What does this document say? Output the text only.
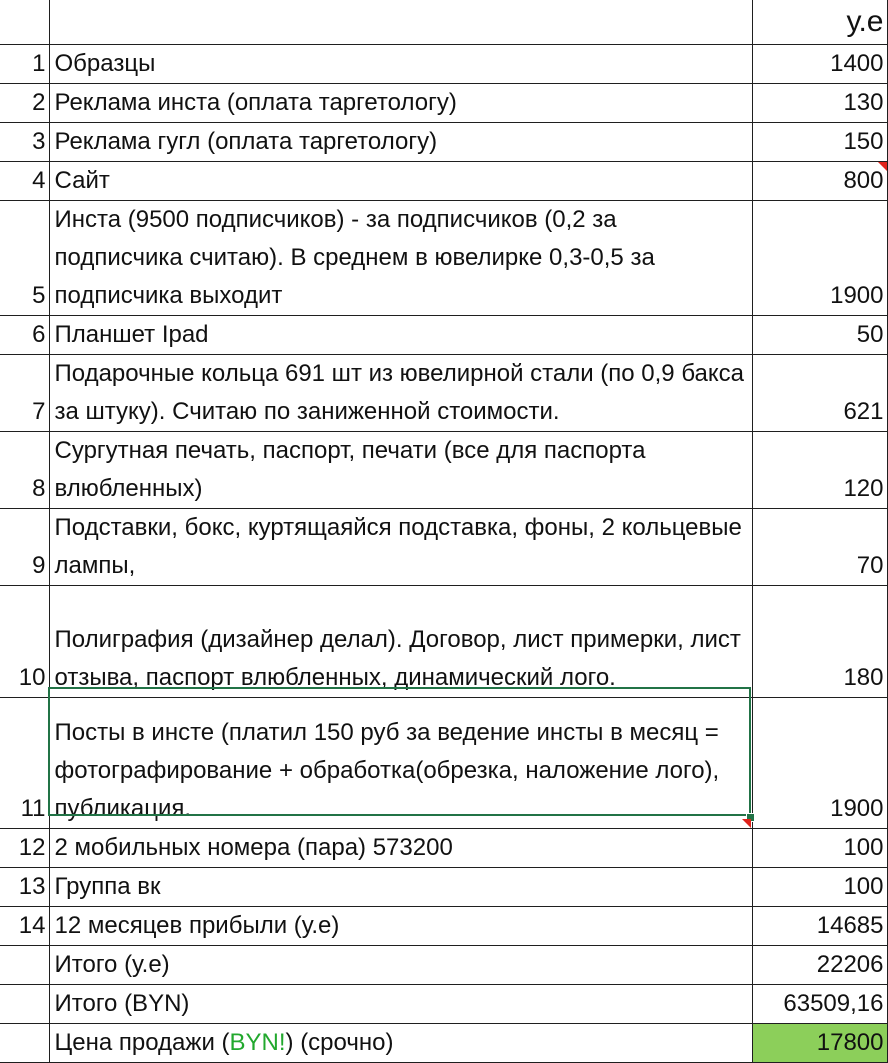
		у.е
1	Образцы	1400
2	Реклама инста (оплата таргетологу)	130
3	Реклама гугл (оплата таргетологу)	150
4	Сайт	800

5	Инста (9500 подписчиков) - за подписчиков (0,2 за подписчика считаю). В среднем в ювелирке 0,3-0,5 за подписчика выходит	1900
6	Планшет Ipad	50
7	Подарочные кольца 691 шт из ювелирной стали (по 0,9 бакса за штуку). Считаю по заниженной стоимости.	621
8	Сургутная печать, паспорт, печати (все для паспорта влюбленных)	120
9	Подставки, бокс, куртящаяйся подставка, фоны, 2 кольцевые лампы,	70
10	Полиграфия (дизайнер делал). Договор, лист примерки, лист отзыва, паспорт влюбленных, динамический лого.	180
11	Посты в инсте (платил 150 руб за ведение инсты в месяц = фотографирование + обработка(обрезка, наложение лого), публикация.	1900
12	2 мобильных номера (пара) 573200	100
13	Группа вк	100
14	12 месяцев прибыли (у.е)	14685
	Итого (у.е)	22206
	Итого (BYN)	63509,16
	Цена продажи (BYN!) (срочно)	17800
